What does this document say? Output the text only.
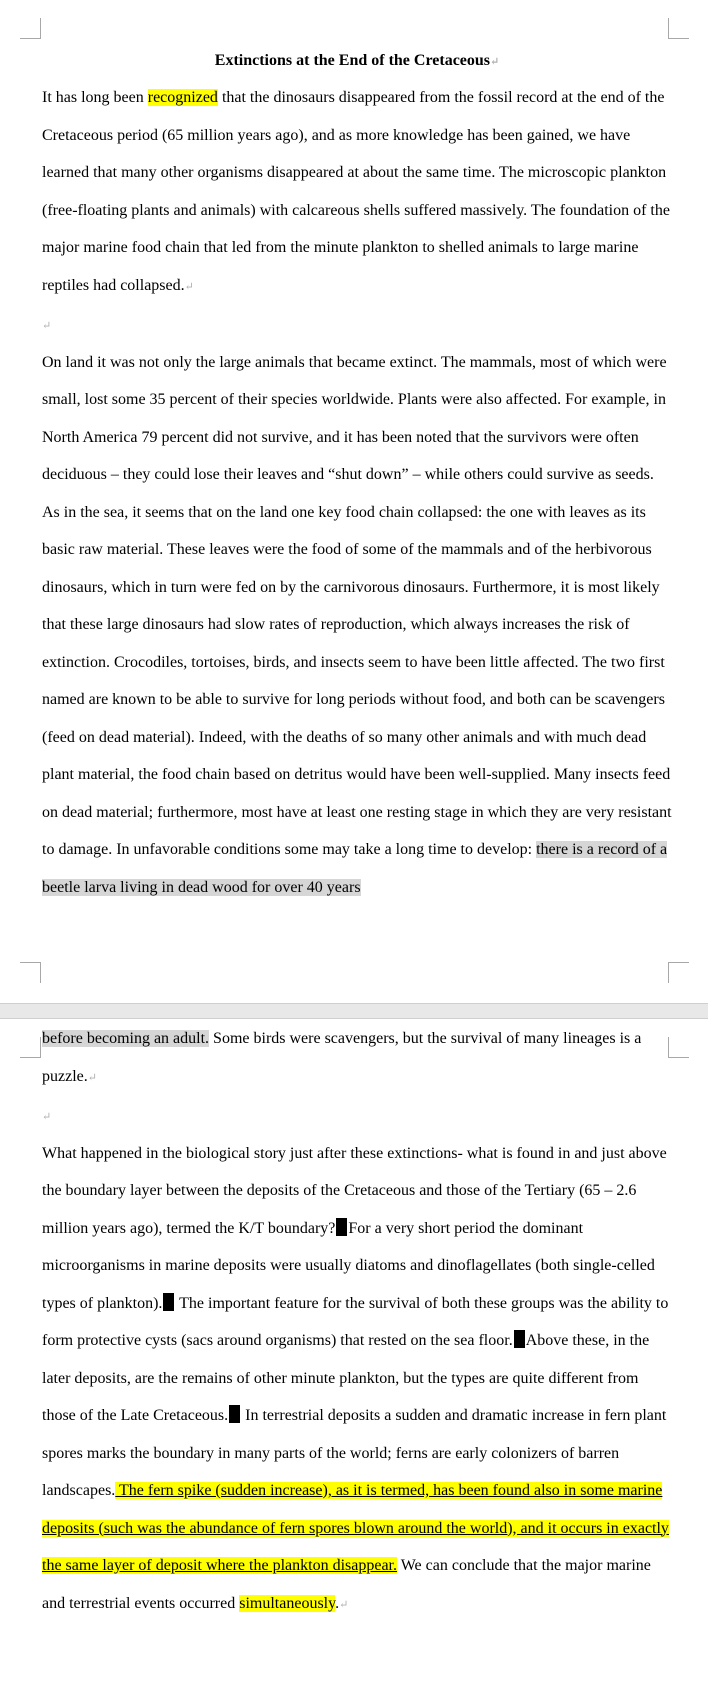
Extinctions at the End of the Cretaceous↵

It has long been recognized that the dinosaurs disappeared from the fossil record at the end of the Cretaceous period (65 million years ago), and as more knowledge has been gained, we have learned that many other organisms disappeared at about the same time. The microscopic plankton (free-floating plants and animals) with calcareous shells suffered massively. The foundation of the major marine food chain that led from the minute plankton to shelled animals to large marine reptiles had collapsed.↵

↵

On land it was not only the large animals that became extinct. The mammals, most of which were small, lost some 35 percent of their species worldwide. Plants were also affected. For example, in North America 79 percent did not survive, and it has been noted that the survivors were often deciduous – they could lose their leaves and “shut down” – while others could survive as seeds. As in the sea, it seems that on the land one key food chain collapsed: the one with leaves as its basic raw material. These leaves were the food of some of the mammals and of the herbivorous dinosaurs, which in turn were fed on by the carnivorous dinosaurs. Furthermore, it is most likely that these large dinosaurs had slow rates of reproduction, which always increases the risk of extinction. Crocodiles, tortoises, birds, and insects seem to have been little affected. The two first named are known to be able to survive for long periods without food, and both can be scavengers (feed on dead material). Indeed, with the deaths of so many other animals and with much dead plant material, the food chain based on detritus would have been well-supplied. Many insects feed on dead material; furthermore, most have at least one resting stage in which they are very resistant to damage. In unfavorable conditions some may take a long time to develop: there is a record of a beetle larva living in dead wood for over 40 years

before becoming an adult. Some birds were scavengers, but the survival of many lineages is a puzzle.↵

↵

What happened in the biological story just after these extinctions- what is found in and just above the boundary layer between the deposits of the Cretaceous and those of the Tertiary (65 – 2.6 million years ago), termed the K/T boundary? For a very short period the dominant microorganisms in marine deposits were usually diatoms and dinoflagellates (both single-celled types of plankton). The important feature for the survival of both these groups was the ability to form protective cysts (sacs around organisms) that rested on the sea floor. Above these, in the later deposits, are the remains of other minute plankton, but the types are quite different from those of the Late Cretaceous. In terrestrial deposits a sudden and dramatic increase in fern plant spores marks the boundary in many parts of the world; ferns are early colonizers of barren landscapes. The fern spike (sudden increase), as it is termed, has been found also in some marine deposits (such was the abundance of fern spores blown around the world), and it occurs in exactly the same layer of deposit where the plankton disappear. We can conclude that the major marine and terrestrial events occurred simultaneously.↵
